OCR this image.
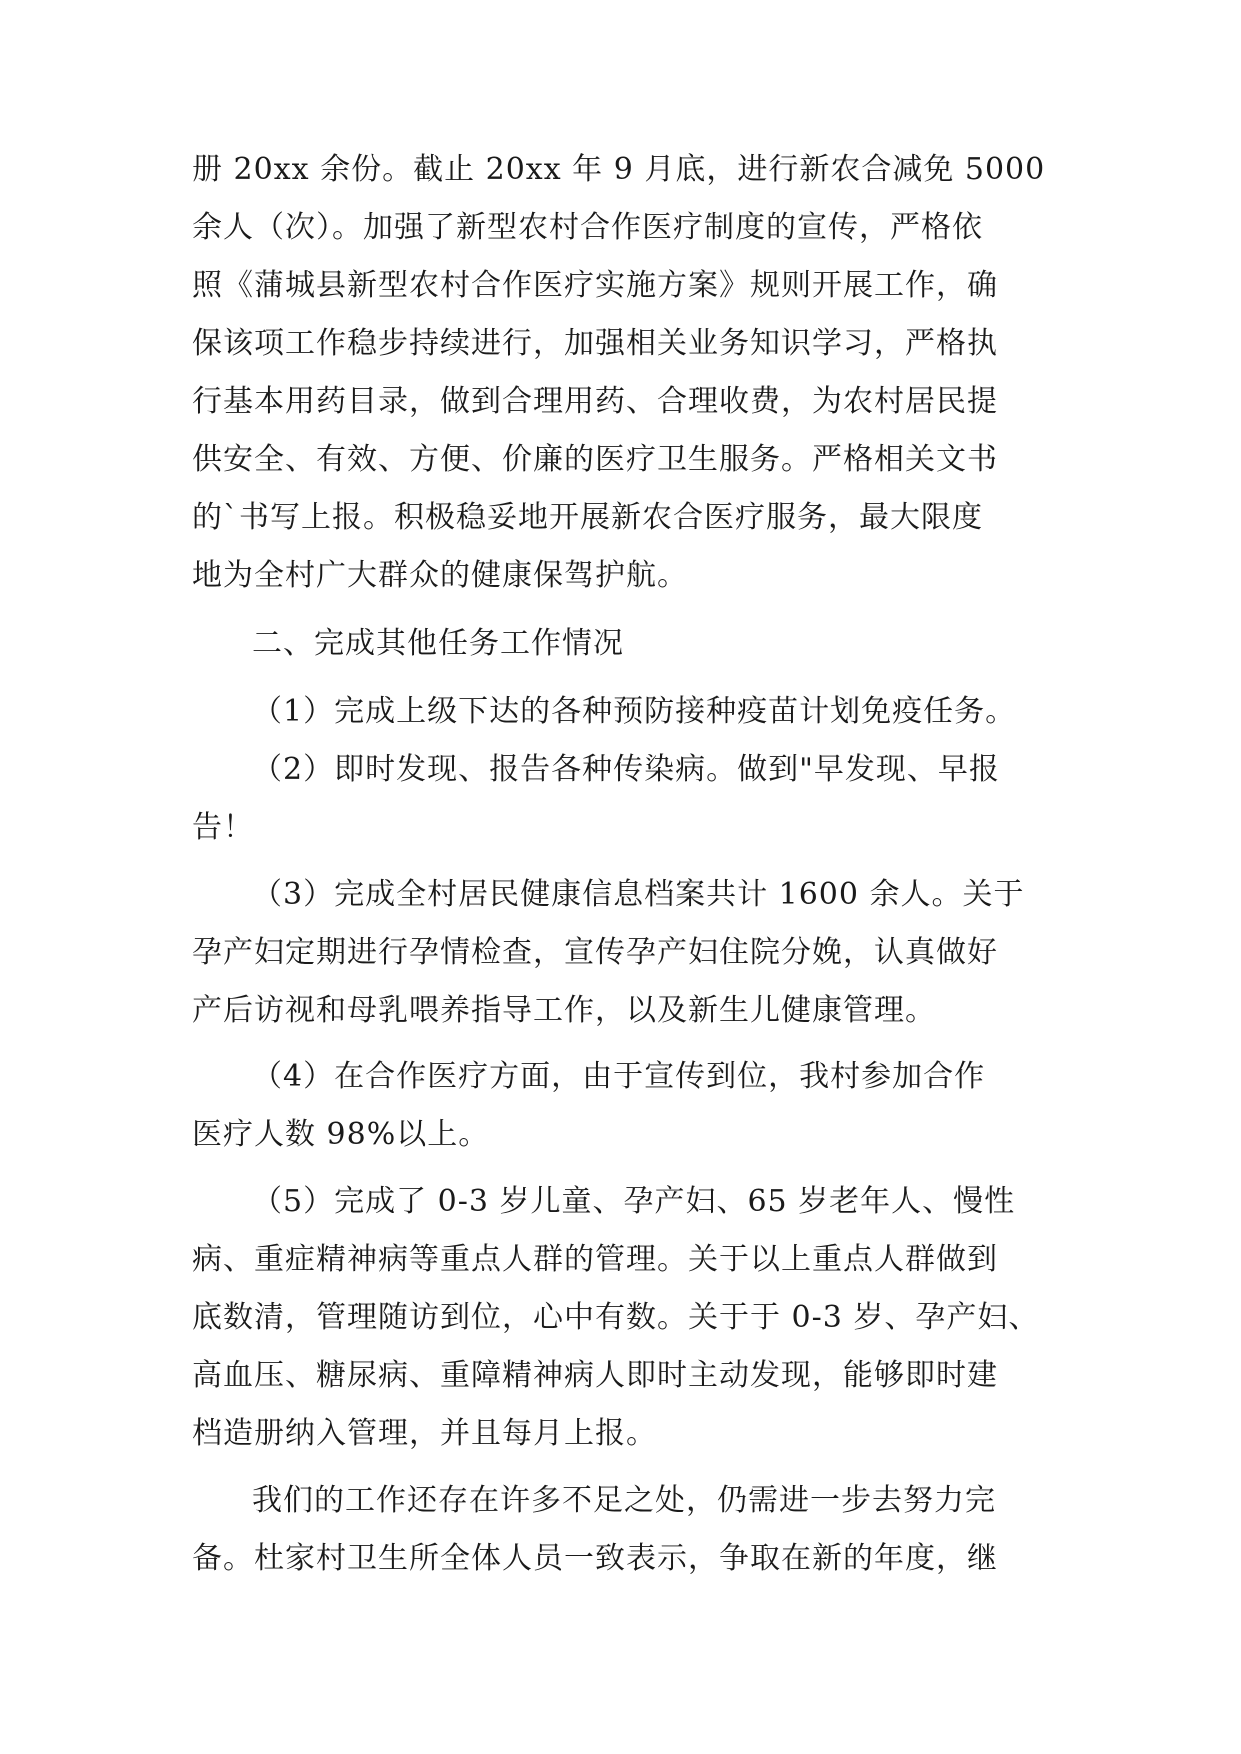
册 20xx 余份。截止 20xx 年 9 月底，进行新农合减免 5000
余人（次）。加强了新型农村合作医疗制度的宣传，严格依
照《蒲城县新型农村合作医疗实施方案》规则开展工作，确
保该项工作稳步持续进行，加强相关业务知识学习，严格执
行基本用药目录，做到合理用药、合理收费，为农村居民提
供安全、有效、方便、价廉的医疗卫生服务。严格相关文书
的`书写上报。积极稳妥地开展新农合医疗服务，最大限度
地为全村广大群众的健康保驾护航。
二、完成其他任务工作情况
（1）完成上级下达的各种预防接种疫苗计划免疫任务。
（2）即时发现、报告各种传染病。做到"早发现、早报
告！
（3）完成全村居民健康信息档案共计 1600 余人。关于
孕产妇定期进行孕情检查，宣传孕产妇住院分娩，认真做好
产后访视和母乳喂养指导工作，以及新生儿健康管理。
（4）在合作医疗方面，由于宣传到位，我村参加合作
医疗人数 98%以上。
（5）完成了 0-3 岁儿童、孕产妇、65 岁老年人、慢性
病、重症精神病等重点人群的管理。关于以上重点人群做到
底数清，管理随访到位，心中有数。关于于 0-3 岁、孕产妇、
高血压、糖尿病、重障精神病人即时主动发现，能够即时建
档造册纳入管理，并且每月上报。
我们的工作还存在许多不足之处，仍需进一步去努力完
备。杜家村卫生所全体人员一致表示，争取在新的年度，继
